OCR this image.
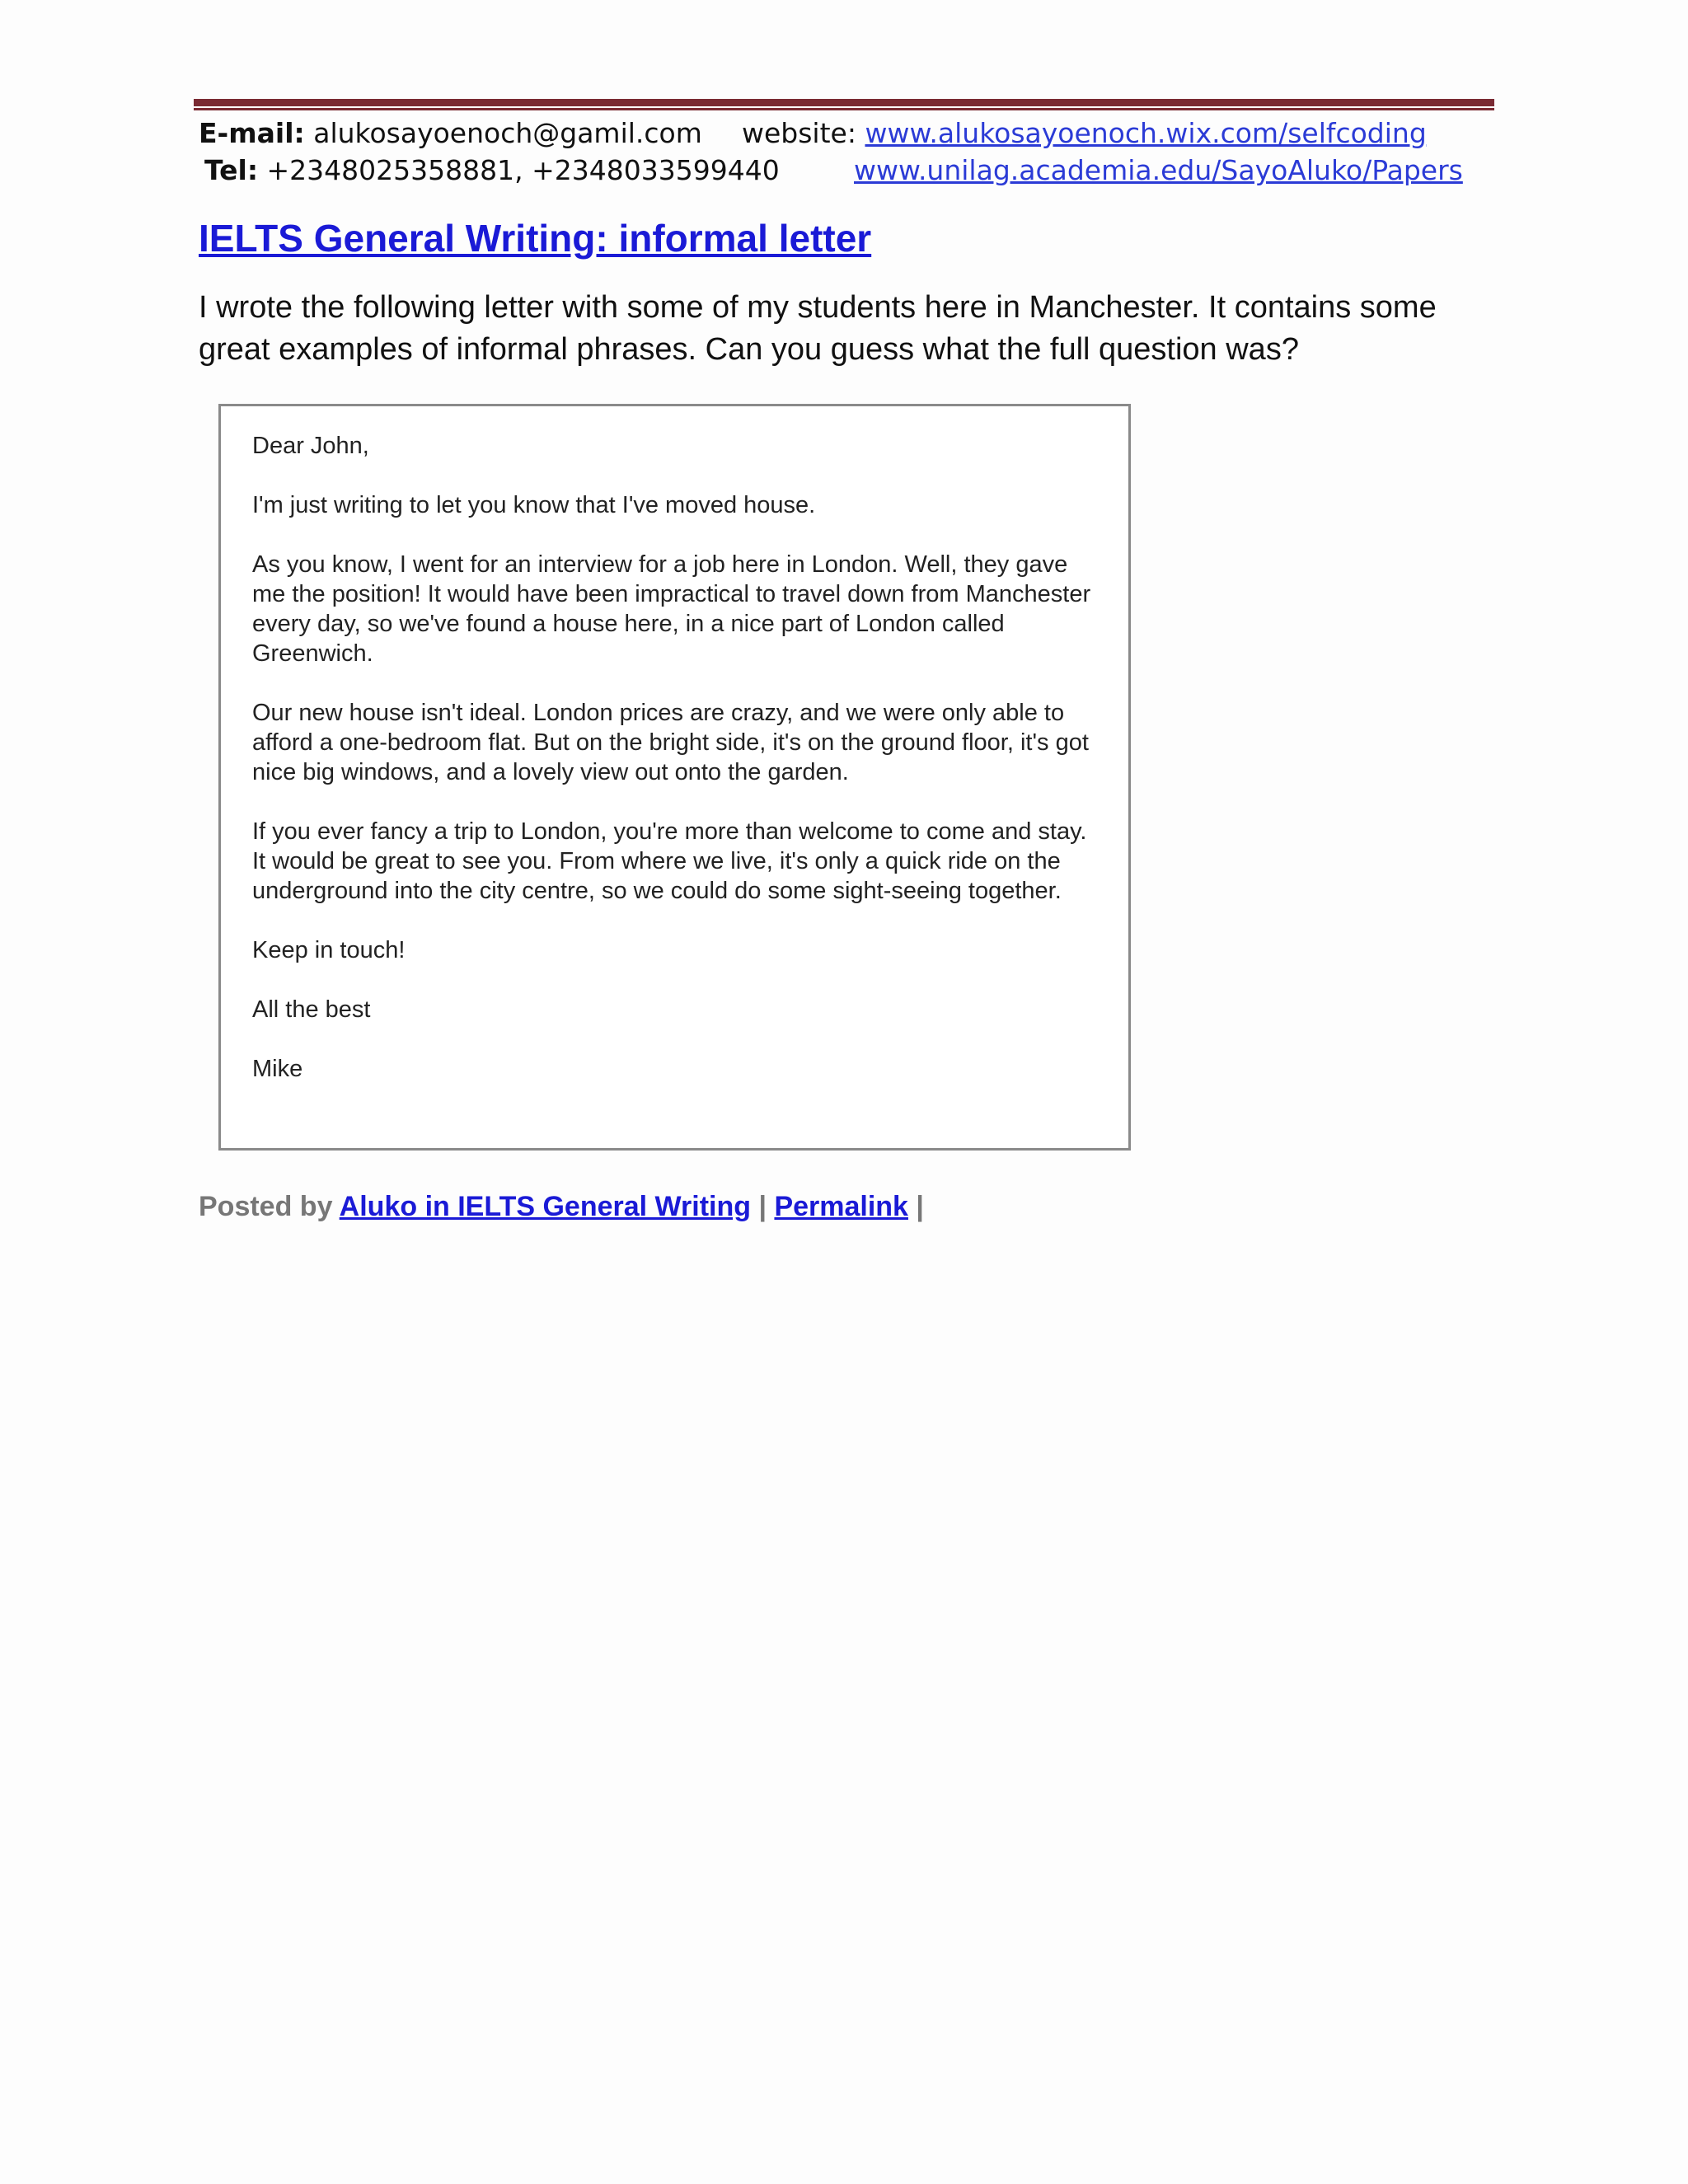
E-mail: alukosayoenoch@gamil.com website: www.alukosayoenoch.wix.com/selfcoding
Tel: +2348025358881, +2348033599440	www.unilag.academia.edu/SayoAluko/Papers
IELTS General Writing: informal letter
I wrote the following letter with some of my students here in Manchester. It contains some great examples of informal phrases. Can you guess what the full question was?

Dear John,

I'm just writing to let you know that I've moved house.

As you know, I went for an interview for a job here in London. Well, they gave me the position! It would have been impractical to travel down from Manchester every day, so we've found a house here, in a nice part of London called Greenwich.

Our new house isn't ideal. London prices are crazy, and we were only able to afford a one-bedroom flat. But on the bright side, it's on the ground floor, it's got nice big windows, and a lovely view out onto the garden.

If you ever fancy a trip to London, you're more than welcome to come and stay. It would be great to see you. From where we live, it's only a quick ride on the underground into the city centre, so we could do some sight-seeing together.

Keep in touch!

All the best

Mike

Posted by Aluko in IELTS General Writing | Permalink |
